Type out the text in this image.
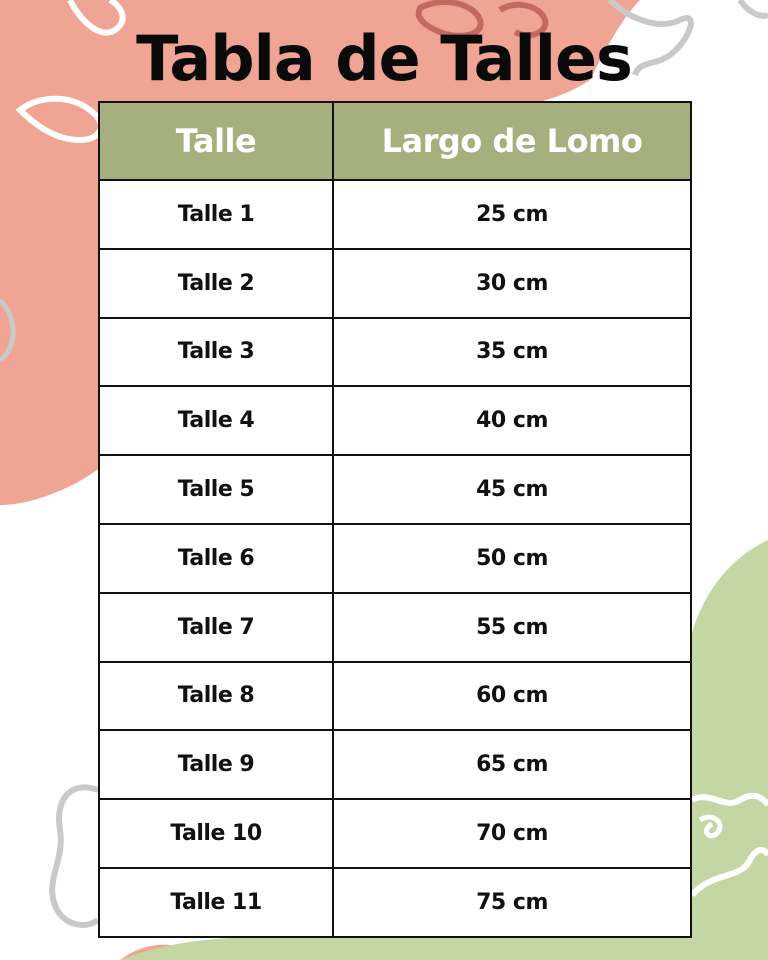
Tabla de Talles
Talle	Largo de Lomo
Talle 1	25 cm
Talle 2	30 cm
Talle 3	35 cm
Talle 4	40 cm
Talle 5	45 cm
Talle 6	50 cm
Talle 7	55 cm
Talle 8	60 cm
Talle 9	65 cm
Talle 10	70 cm
Talle 11	75 cm
